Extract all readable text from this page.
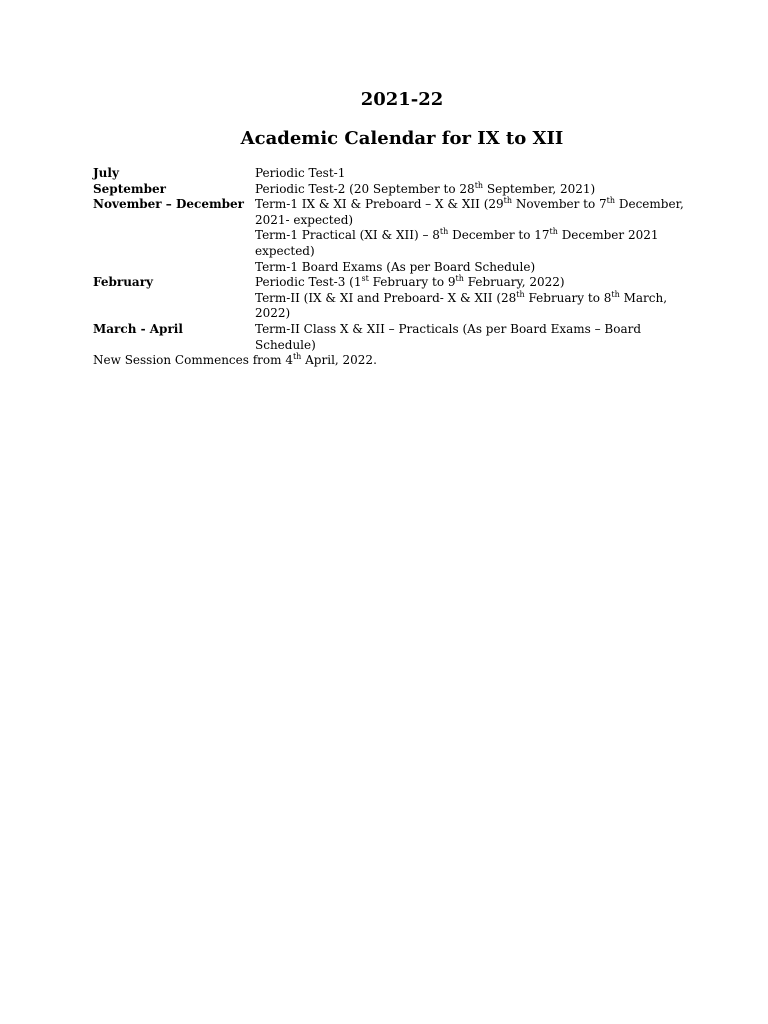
2021-22
Academic Calendar for IX to XII
July	Periodic Test-1
September	Periodic Test-2 (20 September to 28th September, 2021)
November – December	Term-1 IX & XI & Preboard – X & XII (29th November to 7th December, 2021- expected)
	Term-1 Practical (XI & XII) – 8th December to 17th December 2021 expected)
	Term-1 Board Exams (As per Board Schedule)
February	Periodic Test-3 (1st February to 9th February, 2022)
	Term-II (IX & XI and Preboard- X & XII (28th February to 8th March, 2022)
March - April	Term-II Class X & XII – Practicals (As per Board Exams – Board Schedule)

New Session Commences from 4th April, 2022.
